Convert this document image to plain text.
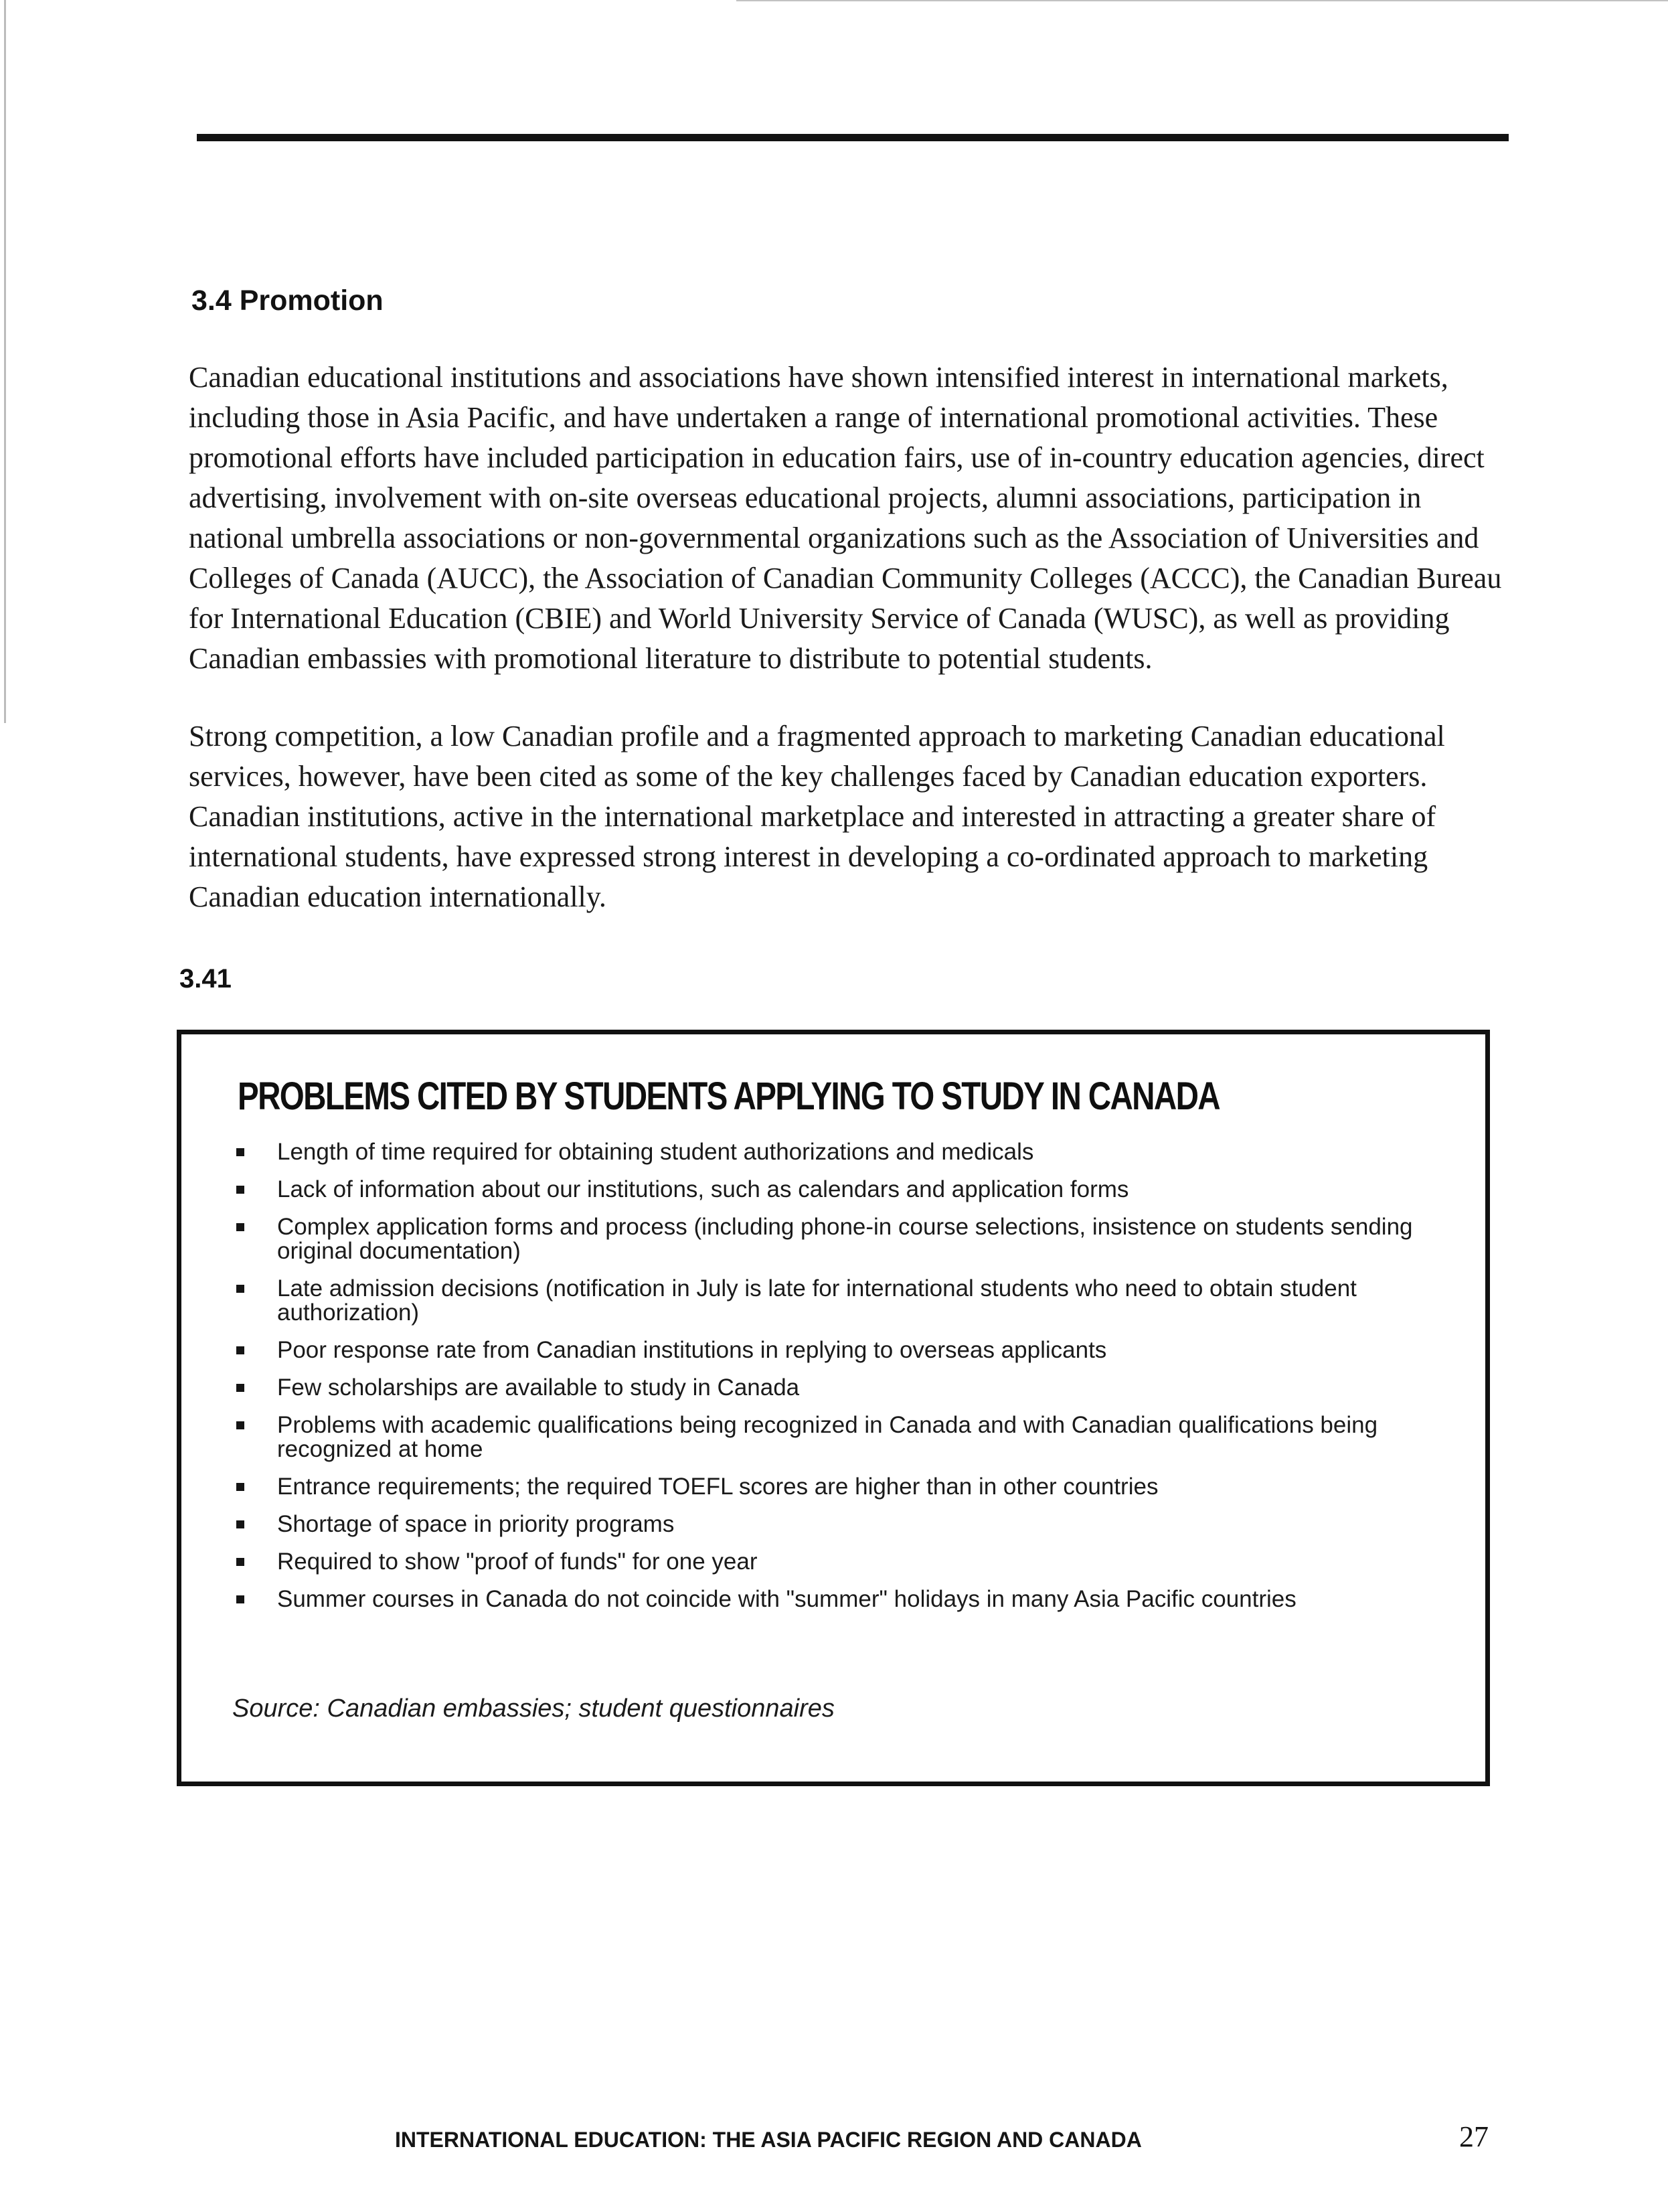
3.4 Promotion

Canadian educational institutions and associations have shown intensified interest in international markets, including those in Asia Pacific, and have undertaken a range of international promotional activities. These promotional efforts have included participation in education fairs, use of in-country education agencies, direct advertising, involvement with on-site overseas educational projects, alumni associations, participation in national umbrella associations or non-governmental organizations such as the Association of Universities and Colleges of Canada (AUCC), the Association of Canadian Community Colleges (ACCC), the Canadian Bureau for International Education (CBIE) and World University Service of Canada (WUSC), as well as providing Canadian embassies with promotional literature to distribute to potential students.

Strong competition, a low Canadian profile and a fragmented approach to marketing Canadian educational services, however, have been cited as some of the key challenges faced by Canadian education exporters. Canadian institutions, active in the international marketplace and interested in attracting a greater share of international students, have expressed strong interest in developing a co-ordinated approach to marketing Canadian education internationally.

3.41
PROBLEMS CITED BY STUDENTS APPLYING TO STUDY IN CANADA
Length of time required for obtaining student authorizations and medicals
Lack of information about our institutions, such as calendars and application forms
Complex application forms and process (including phone-in course selections, insistence on students sending original documentation)
Late admission decisions (notification in July is late for international students who need to obtain student authorization)
Poor response rate from Canadian institutions in replying to overseas applicants
Few scholarships are available to study in Canada
Problems with academic qualifications being recognized in Canada and with Canadian qualifications being recognized at home
Entrance requirements; the required TOEFL scores are higher than in other countries
Shortage of space in priority programs
Required to show "proof of funds" for one year
Summer courses in Canada do not coincide with "summer" holidays in many Asia Pacific countries

Source: Canadian embassies; student questionnaires

INTERNATIONAL EDUCATION: THE ASIA PACIFIC REGION AND CANADA	27
